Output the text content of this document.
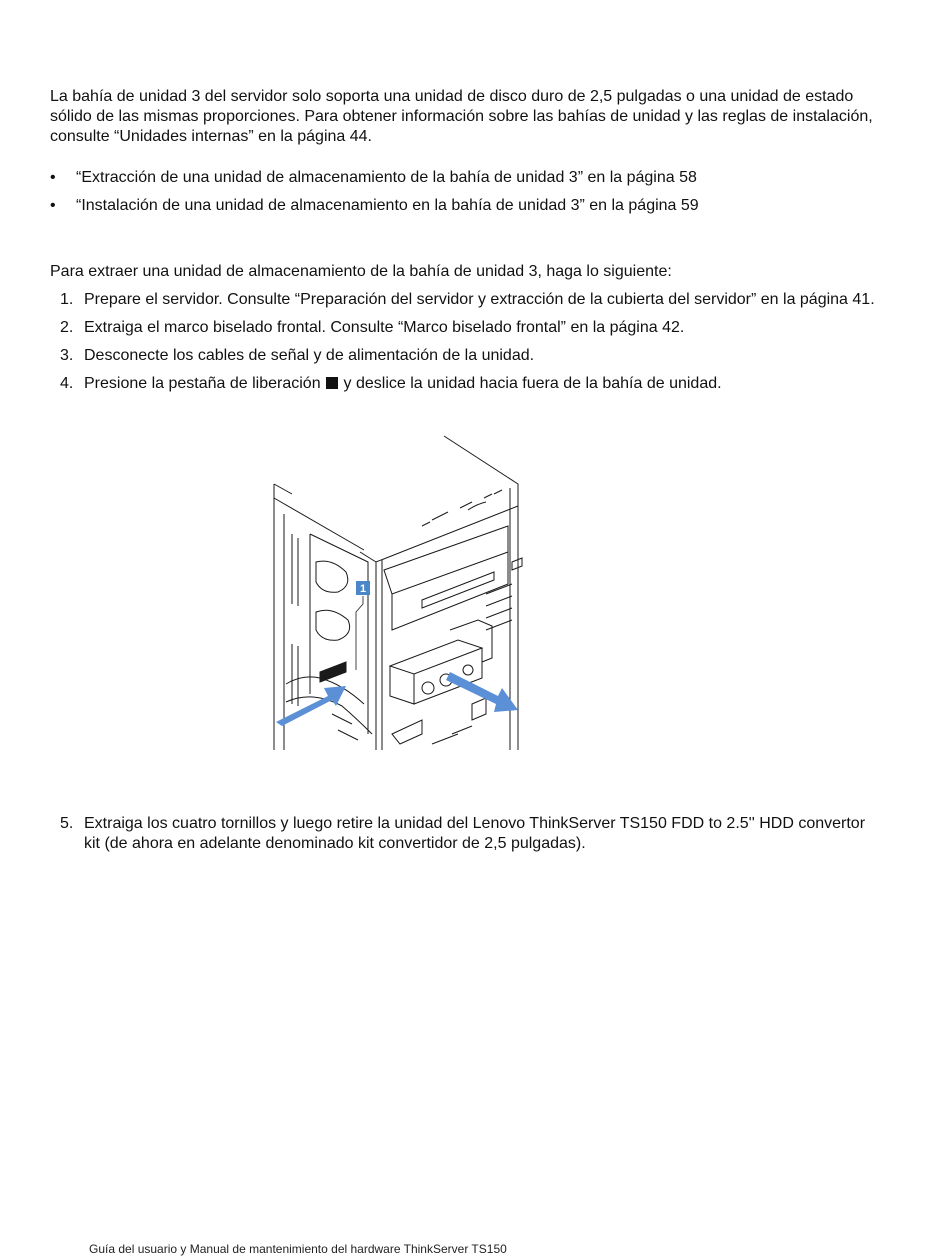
La bahía de unidad 3 del servidor solo soporta una unidad de disco duro de 2,5 pulgadas o una unidad de estado sólido de las mismas proporciones. Para obtener información sobre las bahías de unidad y las reglas de instalación, consulte “Unidades internas” en la página 44.

• “Extracción de una unidad de almacenamiento de la bahía de unidad 3” en la página 58
• “Instalación de una unidad de almacenamiento en la bahía de unidad 3” en la página 59

Para extraer una unidad de almacenamiento de la bahía de unidad 3, haga lo siguiente:

1. Prepare el servidor. Consulte “Preparación del servidor y extracción de la cubierta del servidor” en la página 41.
2. Extraiga el marco biselado frontal. Consulte “Marco biselado frontal” en la página 42.
3. Desconecte los cables de señal y de alimentación de la unidad.
4. Presione la pestaña de liberación y deslice la unidad hacia fuera de la bahía de unidad.
1
5. Extraiga los cuatro tornillos y luego retire la unidad del Lenovo ThinkServer TS150 FDD to 2.5'' HDD convertor kit (de ahora en adelante denominado kit convertidor de 2,5 pulgadas).
Guía del usuario y Manual de mantenimiento del hardware ThinkServer TS150
